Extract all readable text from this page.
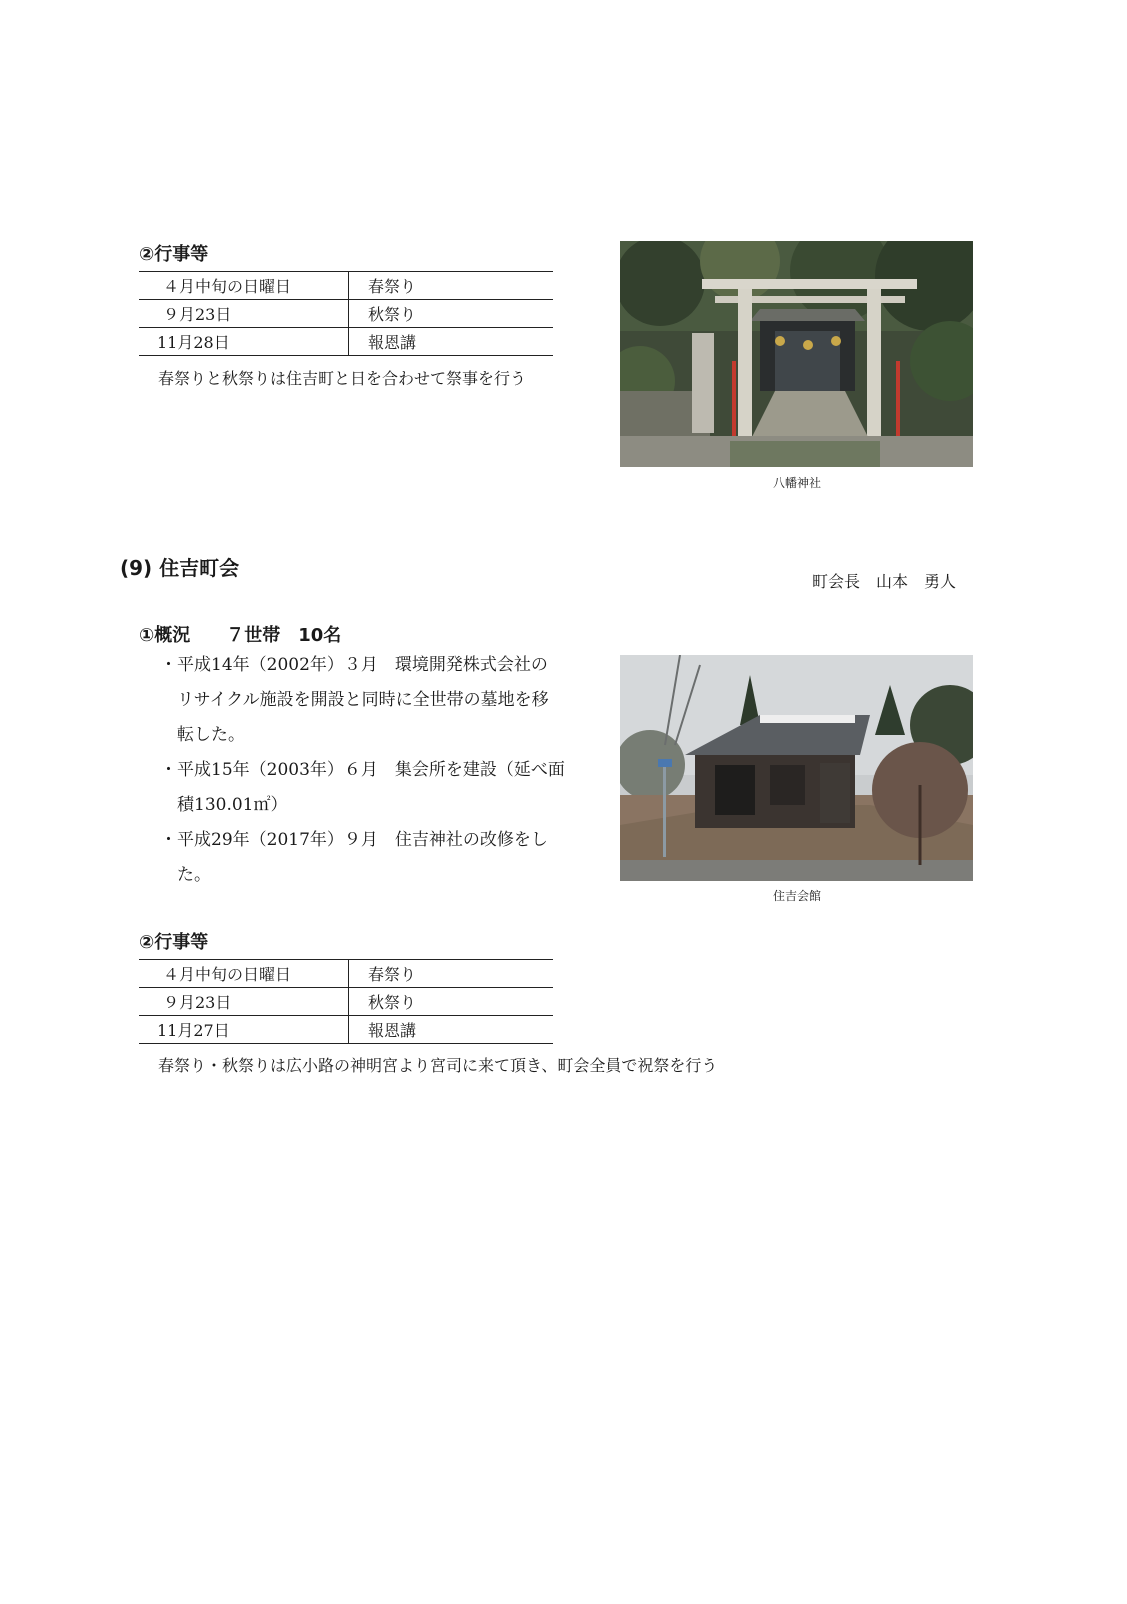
②行事等
４月中旬の日曜日	春祭り
９月23日	秋祭り
11月28日	報恩講
春祭りと秋祭りは住吉町と日を合わせて祭事を行う
八幡神社
(9) 住吉町会
町会長　山本　勇人
①概況　　７世帯　10名
・平成14年（2002年）３月　環境開発株式会社の
リサイクル施設を開設と同時に全世帯の墓地を移
転した。
・平成15年（2003年）６月　集会所を建設（延べ面
積130.01㎡）
・平成29年（2017年）９月　住吉神社の改修をし
た。
住吉会館
②行事等
４月中旬の日曜日	春祭り
９月23日	秋祭り
11月27日	報恩講
春祭り・秋祭りは広小路の神明宮より宮司に来て頂き、町会全員で祝祭を行う
